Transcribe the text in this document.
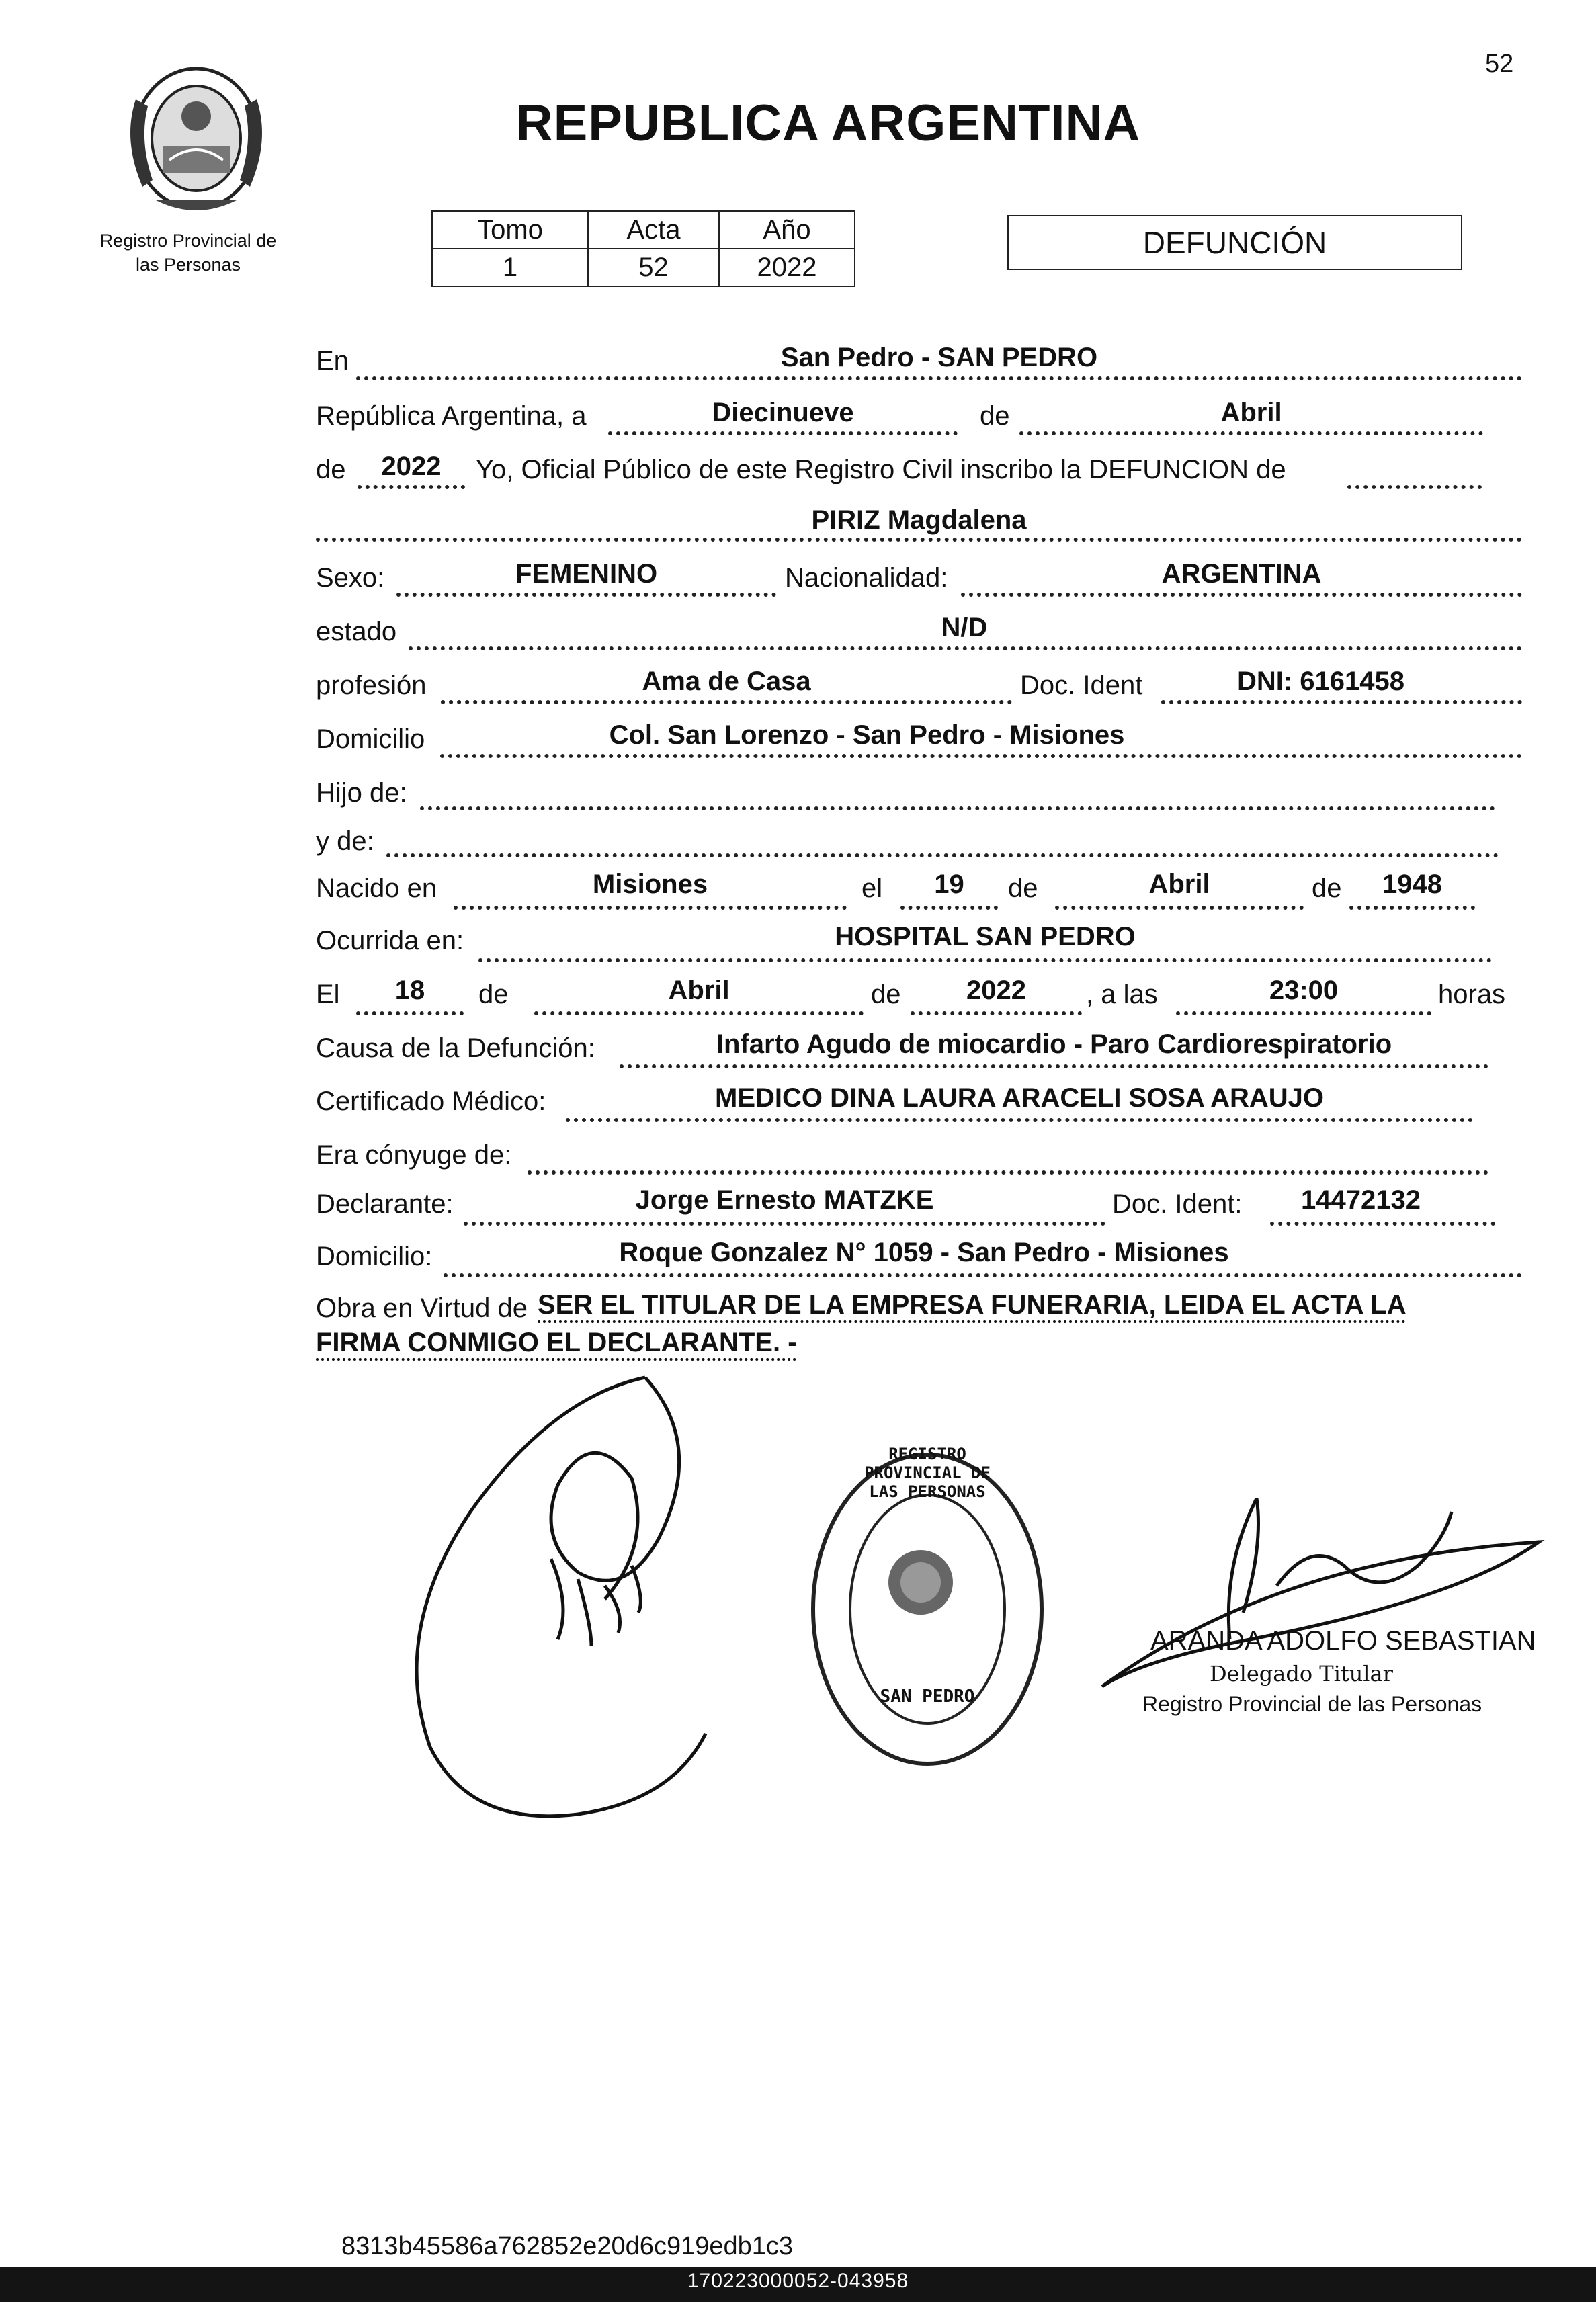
52
REPUBLICA ARGENTINA
Registro Provincial de
las Personas
Tomo	Acta	Año
1	52	2022
DEFUNCIÓN
En	San Pedro - SAN PEDRO
República Argentina, a	Diecinueve	de	Abril
de	2022	Yo, Oficial Público de este Registro Civil inscribo la DEFUNCION de
PIRIZ Magdalena
Sexo:	FEMENINO	Nacionalidad:	ARGENTINA
estado	N/D
profesión	Ama de Casa	Doc. Ident	DNI: 6161458
Domicilio	Col. San Lorenzo - San Pedro - Misiones
Hijo de:
y de:
Nacido en	Misiones	el	19	de	Abril	de	1948
Ocurrida en:	HOSPITAL SAN PEDRO
El	18	de	Abril	de	2022	, a las	23:00	horas
Causa de la Defunción:	Infarto Agudo de miocardio - Paro Cardiorespiratorio
Certificado Médico:	MEDICO DINA LAURA ARACELI SOSA ARAUJO
Era cónyuge de:
Declarante:	Jorge Ernesto MATZKE	Doc. Ident:	14472132
Domicilio:	Roque Gonzalez N° 1059 - San Pedro - Misiones
Obra en Virtud de SER EL TITULAR DE LA EMPRESA FUNERARIA, LEIDA EL ACTA LA
FIRMA CONMIGO EL DECLARANTE. -
REGISTRO PROVINCIAL DE LAS PERSONAS
SAN PEDRO
ARANDA ADOLFO SEBASTIAN
Delegado Titular
Registro Provincial de las Personas
8313b45586a762852e20d6c919edb1c3
170223000052-043958
